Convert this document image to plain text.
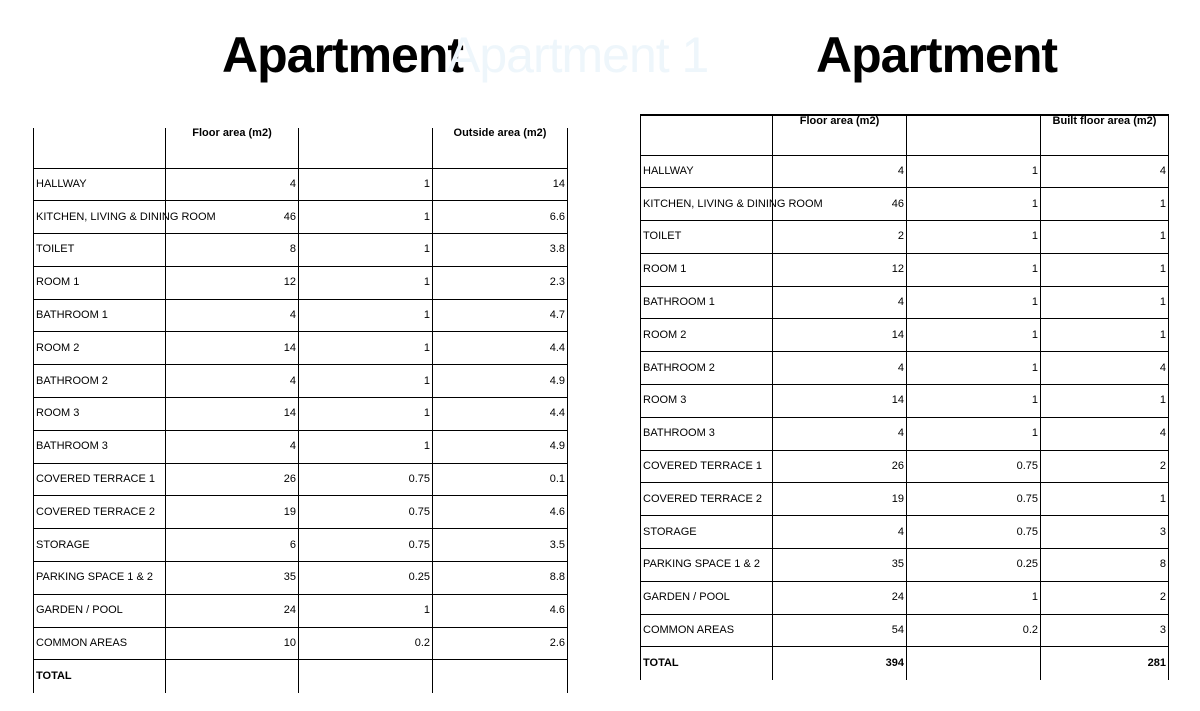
Apartment
Apartment 1 Apartment
	Floor area (m2)		Outside area (m2)
HALLWAY	4	1	14
KITCHEN, LIVING & DINING ROOM	46	1	6.6
TOILET	8	1	3.8
ROOM 1	12	1	2.3
BATHROOM 1	4	1	4.7
ROOM 2	14	1	4.4
BATHROOM 2	4	1	4.9
ROOM 3	14	1	4.4
BATHROOM 3	4	1	4.9
COVERED TERRACE 1	26	0.75	0.1
COVERED TERRACE 2	19	0.75	4.6
STORAGE	6	0.75	3.5
PARKING SPACE 1 & 2	35	0.25	8.8
GARDEN / POOL	24	1	4.6
COMMON AREAS	10	0.2	2.6
TOTAL			
	Floor area (m2)		Built floor area (m2)
HALLWAY	4	1	4
KITCHEN, LIVING & DINING ROOM	46	1	1
TOILET	2	1	1
ROOM 1	12	1	1
BATHROOM 1	4	1	1
ROOM 2	14	1	1
BATHROOM 2	4	1	4
ROOM 3	14	1	1
BATHROOM 3	4	1	4
COVERED TERRACE 1	26	0.75	2
COVERED TERRACE 2	19	0.75	1
STORAGE	4	0.75	3
PARKING SPACE 1 & 2	35	0.25	8
GARDEN / POOL	24	1	2
COMMON AREAS	54	0.2	3
TOTAL	394		281
